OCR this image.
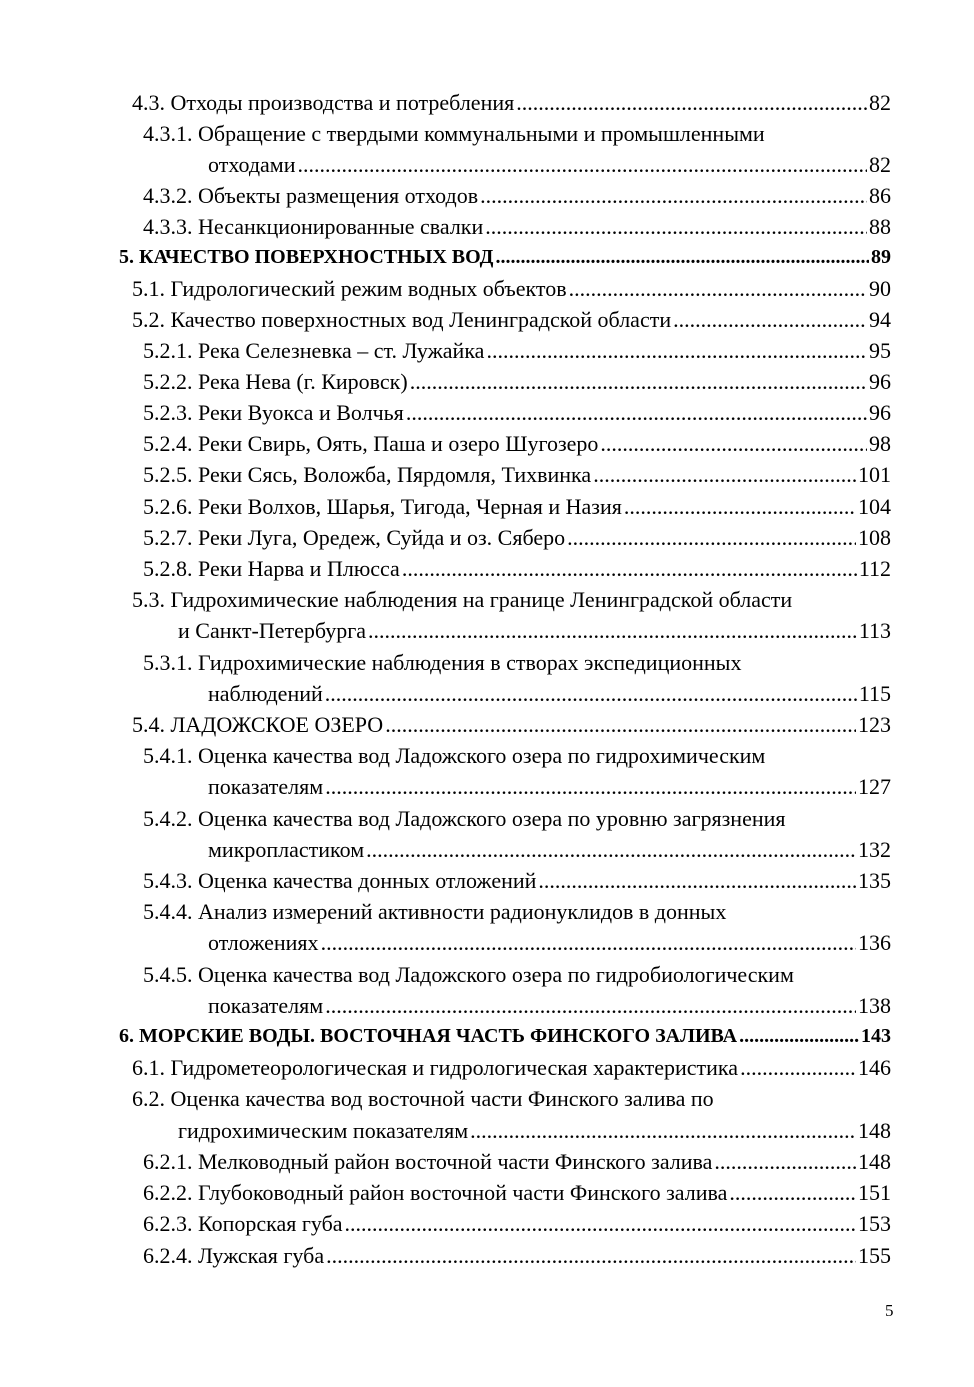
4.3. Отходы производства и потребления .....	82
4.3.1. Обращение с твердыми коммунальными и промышленными
отходами .....	82
4.3.2. Объекты размещения отходов .....	86
4.3.3. Несанкционированные свалки .....	88
5. КАЧЕСТВО ПОВЕРХНОСТНЫХ ВОД .....	89
5.1. Гидрологический режим водных объектов .....	90
5.2. Качество поверхностных вод Ленинградской области .....	94
5.2.1. Река Селезневка – ст. Лужайка .....	95
5.2.2. Река Нева (г. Кировск) .....	96
5.2.3. Реки Вуокса и Волчья .....	96
5.2.4. Реки Свирь, Оять, Паша и озеро Шугозеро .....	98
5.2.5. Реки Сясь, Воложба, Пярдомля, Тихвинка .....	101
5.2.6. Реки Волхов, Шарья, Тигода, Черная и Назия .....	104
5.2.7. Реки Луга, Оредеж, Суйда и оз. Сяберо .....	108
5.2.8. Реки Нарва и Плюсса .....	112
5.3. Гидрохимические наблюдения на границе Ленинградской области
и Санкт-Петербурга .....	113
5.3.1. Гидрохимические наблюдения в створах экспедиционных
наблюдений .....	115
5.4. ЛАДОЖСКОЕ ОЗЕРО .....	123
5.4.1. Оценка качества вод Ладожского озера по гидрохимическим
показателям .....	127
5.4.2. Оценка качества вод Ладожского озера по уровню загрязнения
микропластиком .....	132
5.4.3. Оценка качества донных отложений .....	135
5.4.4. Анализ измерений активности радионуклидов в донных
отложениях .....	136
5.4.5. Оценка качества вод Ладожского озера по гидробиологическим
показателям .....	138
6. МОРСКИЕ ВОДЫ. ВОСТОЧНАЯ ЧАСТЬ ФИНСКОГО ЗАЛИВА .....	143
6.1. Гидрометеорологическая и гидрологическая характеристика .....	146
6.2. Оценка качества вод восточной части Финского залива по
гидрохимическим показателям .....	148
6.2.1. Мелководный район восточной части Финского залива .....	148
6.2.2. Глубоководный район восточной части Финского залива .....	151
6.2.3. Копорская губа .....	153
6.2.4. Лужская губа .....	155
5
